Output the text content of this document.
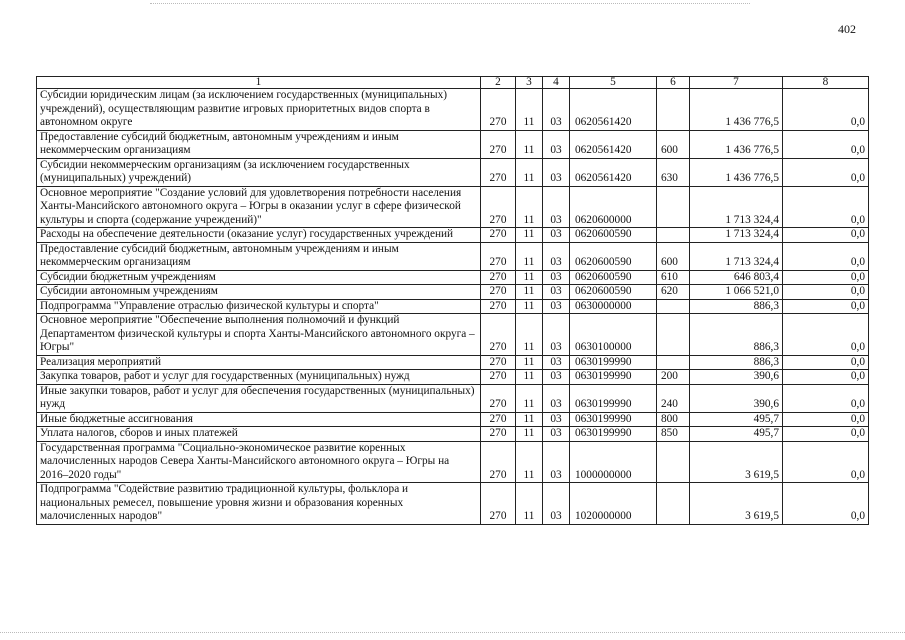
402
1	2	3	4	5	6	7	8
Субсидии юридическим лицам (за исключением государственных (муниципальных) учреждений), осуществляющим развитие игровых приоритетных видов спорта в автономном округе	270	11	03	0620561420		1 436 776,5	0,0
Предоставление субсидий бюджетным, автономным учреждениям и иным некоммерческим организациям	270	11	03	0620561420	600	1 436 776,5	0,0
Субсидии некоммерческим организациям (за исключением государственных (муниципальных) учреждений)	270	11	03	0620561420	630	1 436 776,5	0,0
Основное мероприятие "Создание условий для удовлетворения потребности населения Ханты-Мансийского автономного округа – Югры в оказании услуг в сфере физической культуры и спорта (содержание учреждений)"	270	11	03	0620600000		1 713 324,4	0,0
Расходы на обеспечение деятельности (оказание услуг) государственных учреждений	270	11	03	0620600590		1 713 324,4	0,0
Предоставление субсидий бюджетным, автономным учреждениям и иным некоммерческим организациям	270	11	03	0620600590	600	1 713 324,4	0,0
Субсидии бюджетным учреждениям	270	11	03	0620600590	610	646 803,4	0,0
Субсидии автономным учреждениям	270	11	03	0620600590	620	1 066 521,0	0,0
Подпрограмма "Управление отраслью физической культуры и спорта"	270	11	03	0630000000		886,3	0,0
Основное мероприятие "Обеспечение выполнения полномочий и функций Департаментом физической культуры и спорта Ханты-Мансийского автономного округа – Югры"	270	11	03	0630100000		886,3	0,0
Реализация мероприятий	270	11	03	0630199990		886,3	0,0
Закупка товаров, работ и услуг для государственных (муниципальных) нужд	270	11	03	0630199990	200	390,6	0,0
Иные закупки товаров, работ и услуг для обеспечения государственных (муниципальных) нужд	270	11	03	0630199990	240	390,6	0,0
Иные бюджетные ассигнования	270	11	03	0630199990	800	495,7	0,0
Уплата налогов, сборов и иных платежей	270	11	03	0630199990	850	495,7	0,0
Государственная программа "Социально-экономическое развитие коренных малочисленных народов Севера Ханты-Мансийского автономного округа – Югры на 2016–2020 годы"	270	11	03	1000000000		3 619,5	0,0
Подпрограмма "Содействие развитию традиционной культуры, фольклора и национальных ремесел, повышение уровня жизни и образования коренных малочисленных народов"	270	11	03	1020000000		3 619,5	0,0
